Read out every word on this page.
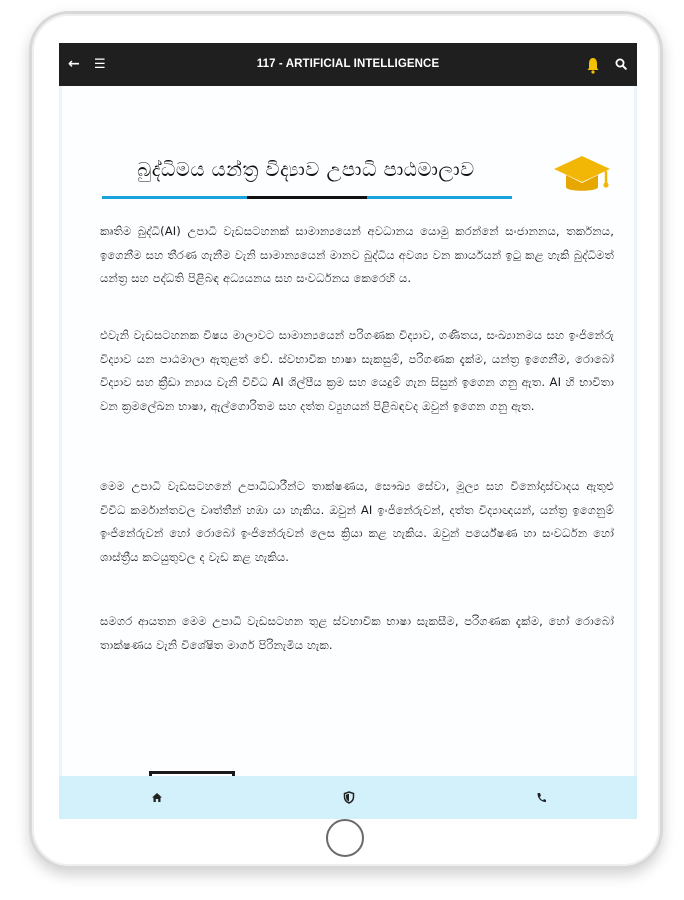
← ☰	117 - ARTIFICIAL INTELLIGENCE
බුද්ධිමය යන්ත්‍ර විද්‍යාව උපාධි පාඨමාලාව

කෘතිම බුද්ධි(AI) උපාධි වැඩසටහනක් සාමාන්‍යයෙන් අවධානය යොමු කරන්නේ සංජානනය, තර්කනය, ඉගෙනීම සහ තීරණ ගැනීම වැනි සාමාන්‍යයෙන් මානව බුද්ධිය අවශ්‍ය වන කාර්යයන් ඉටු කළ හැකි බුද්ධිමත් යන්ත්‍ර සහ පද්ධති පිළිබඳ අධ්‍යයනය සහ සංවර්ධනය කෙරෙහි ය.

එවැනි වැඩසටහනක විෂය මාලාවට සාමාන්‍යයෙන් පරිගණක විද්‍යාව, ගණිතය, සංඛ්‍යානමය සහ ඉංජිනේරු විද්‍යාව යන පාඨමාලා ඇතුළත් වේ. ස්වභාවික භාෂා සැකසුම්, පරිගණක දැක්ම, යන්ත්‍ර ඉගෙනීම, රොබෝ විද්‍යාව සහ ක්‍රීඩා න්‍යාය වැනි විවිධ AI ශිල්පීය ක්‍රම සහ යෙදුම් ගැන සිසුන් ඉගෙන ගනු ඇත. AI හි භාවිතා වන ක්‍රමලේඛන භාෂා, ඇල්ගොරිතම සහ දත්ත ව්‍යුහයන් පිළිබඳවද ඔවුන් ඉගෙන ගනු ඇත.

මෙම උපාධි වැඩසටහනේ උපාධිධාරීන්ට තාක්ෂණය, සෞඛ්‍ය සේවා, මූල්‍ය සහ විනෝදාස්වාදය ඇතුළු විවිධ කර්මාන්තවල වෘත්තීන් හඹා යා හැකිය. ඔවුන් AI ඉංජිනේරුවන්, දත්ත විද්‍යාඥයන්, යන්ත්‍ර ඉගෙනුම් ඉංජිනේරුවන් හෝ රොබෝ ඉංජිනේරුවන් ලෙස ක්‍රියා කළ හැකිය. ඔවුන් පර්යේෂණ හා සංවර්ධන හෝ ශාස්ත්‍රීය කටයුතුවල ද වැඩ කළ හැකිය.

සමගර ආයතන මෙම උපාධි වැඩසටහන තුළ ස්වභාවික භාෂා සැකසීම, පරිගණක දැක්ම, හෝ රොබෝ තාක්ෂණය වැනි විශේෂිත මාර්ග පිරිනැමිය හැක.
